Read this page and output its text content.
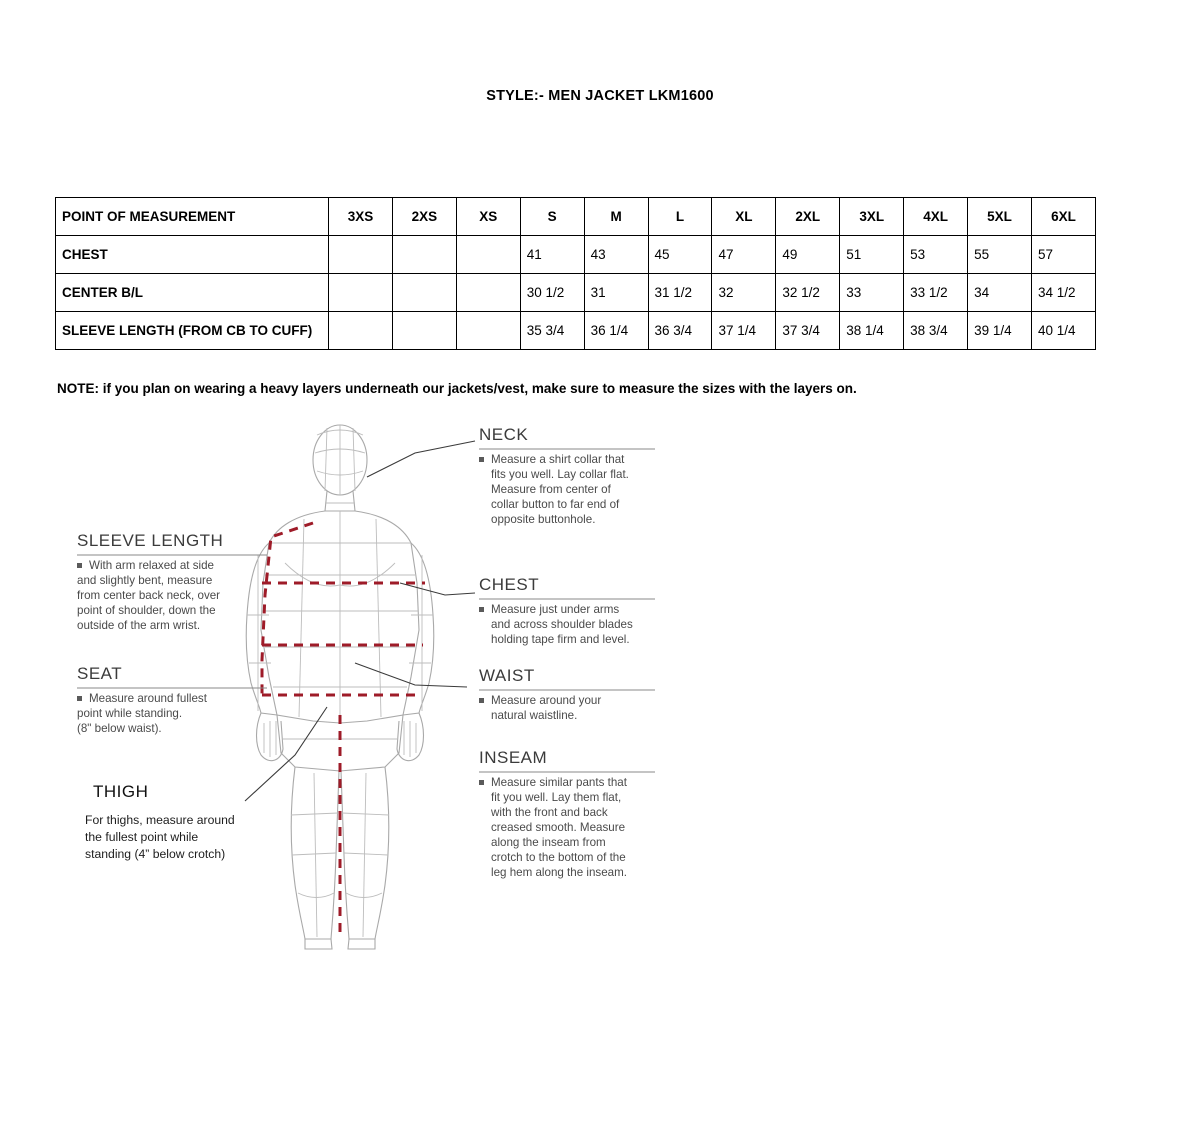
STYLE:- MEN JACKET LKM1600
POINT OF MEASUREMENT	3XS	2XS	XS	S	M	L	XL	2XL	3XL	4XL	5XL	6XL
CHEST				41	43	45	47	49	51	53	55	57
CENTER B/L				30 1/2	31	31 1/2	32	32 1/2	33	33 1/2	34	34 1/2
SLEEVE LENGTH (FROM CB TO CUFF)				35 3/4	36 1/4	36 3/4	37 1/4	37 3/4	38 1/4	38 3/4	39 1/4	40 1/4
NOTE: if you plan on wearing a heavy layers underneath our jackets/vest, make sure to measure the sizes with the layers on.
NECK
Measure a shirt collar that
fits you well. Lay collar flat.
Measure from center of
collar button to far end of
opposite buttonhole.
CHEST
Measure just under arms
and across shoulder blades
holding tape firm and level.
WAIST
Measure around your
natural waistline.
INSEAM
Measure similar pants that
fit you well. Lay them flat,
with the front and back
creased smooth. Measure
along the inseam from
crotch to the bottom of the
leg hem along the inseam.
SLEEVE LENGTH
With arm relaxed at side
and slightly bent, measure
from center back neck, over
point of shoulder, down the
outside of the arm wrist.
SEAT
Measure around fullest
point while standing.
(8" below waist).
THIGH
For thighs, measure around
the fullest point while
standing (4” below crotch)
